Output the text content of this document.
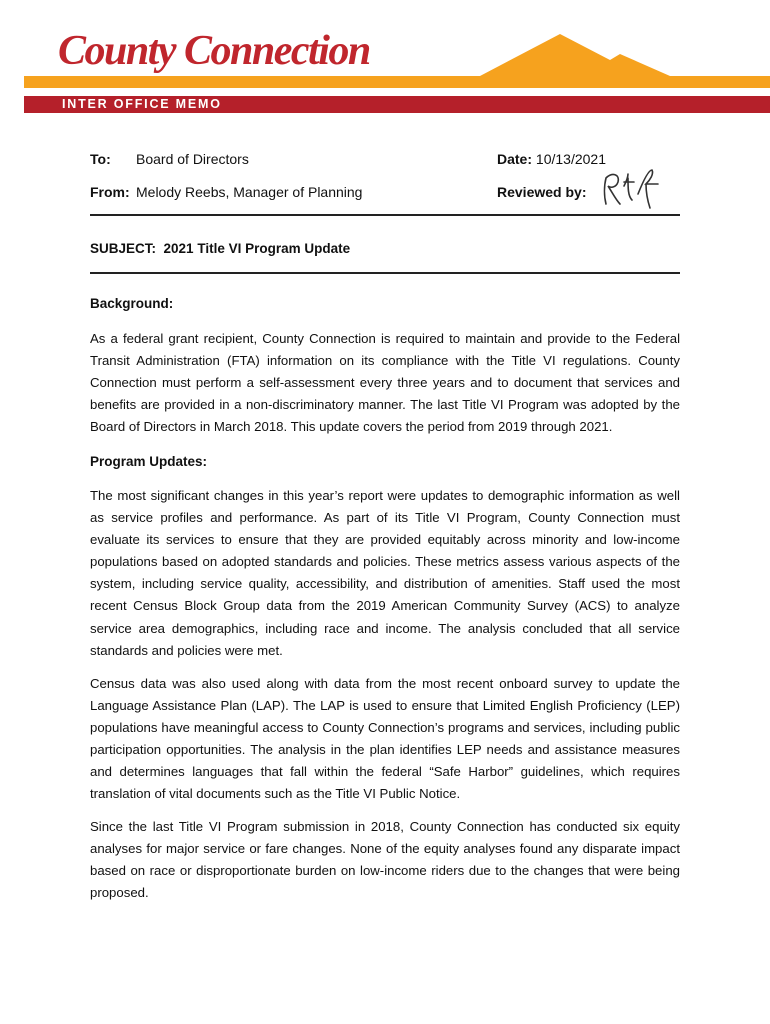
County Connection
INTER OFFICE MEMO
To: Board of Directors	Date: 10/13/2021
From: Melody Reebs, Manager of Planning	Reviewed by:
SUBJECT: 2021 Title VI Program Update
Background:
As a federal grant recipient, County Connection is required to maintain and provide to the Federal Transit Administration (FTA) information on its compliance with the Title VI regulations. County Connection must perform a self-assessment every three years and to document that services and benefits are provided in a non-discriminatory manner. The last Title VI Program was adopted by the Board of Directors in March 2018. This update covers the period from 2019 through 2021.
Program Updates:
The most significant changes in this year’s report were updates to demographic information as well as service profiles and performance. As part of its Title VI Program, County Connection must evaluate its services to ensure that they are provided equitably across minority and low-income populations based on adopted standards and policies. These metrics assess various aspects of the system, including service quality, accessibility, and distribution of amenities. Staff used the most recent Census Block Group data from the 2019 American Community Survey (ACS) to analyze service area demographics, including race and income. The analysis concluded that all service standards and policies were met.
Census data was also used along with data from the most recent onboard survey to update the Language Assistance Plan (LAP). The LAP is used to ensure that Limited English Proficiency (LEP) populations have meaningful access to County Connection’s programs and services, including public participation opportunities. The analysis in the plan identifies LEP needs and assistance measures and determines languages that fall within the federal “Safe Harbor” guidelines, which requires translation of vital documents such as the Title VI Public Notice.
Since the last Title VI Program submission in 2018, County Connection has conducted six equity analyses for major service or fare changes. None of the equity analyses found any disparate impact based on race or disproportionate burden on low-income riders due to the changes that were being proposed.
